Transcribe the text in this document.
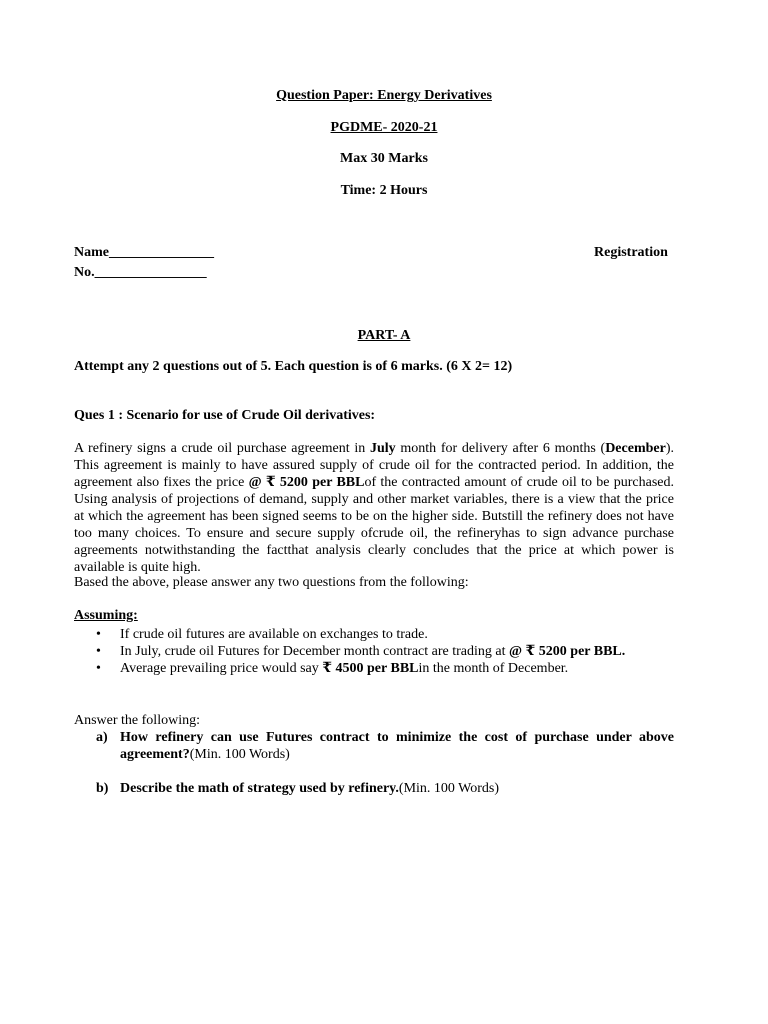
Question Paper: Energy Derivatives
PGDME- 2020-21
Max 30 Marks
Time: 2 Hours
Name_______________	Registration
No.________________
PART- A
Attempt any 2 questions out of 5. Each question is of 6 marks. (6 X 2= 12)
Ques 1 : Scenario for use of Crude Oil derivatives:
A refinery signs a crude oil purchase agreement in July month for delivery after 6 months (December). This agreement is mainly to have assured supply of crude oil for the contracted period. In addition, the agreement also fixes the price @ ₹ 5200 per BBLof the contracted amount of crude oil to be purchased. Using analysis of projections of demand, supply and other market variables, there is a view that the price at which the agreement has been signed seems to be on the higher side. Butstill the refinery does not have too many choices. To ensure and secure supply ofcrude oil, the refineryhas to sign advance purchase agreements notwithstanding the factthat analysis clearly concludes that the price at which power is available is quite high.
Based the above, please answer any two questions from the following:
Assuming:
• If crude oil futures are available on exchanges to trade.
• In July, crude oil Futures for December month contract are trading at @ ₹ 5200 per BBL.
• Average prevailing price would say ₹ 4500 per BBLin the month of December.
Answer the following:
a) How refinery can use Futures contract to minimize the cost of purchase under above agreement?(Min. 100 Words)
b) Describe the math of strategy used by refinery.(Min. 100 Words)
